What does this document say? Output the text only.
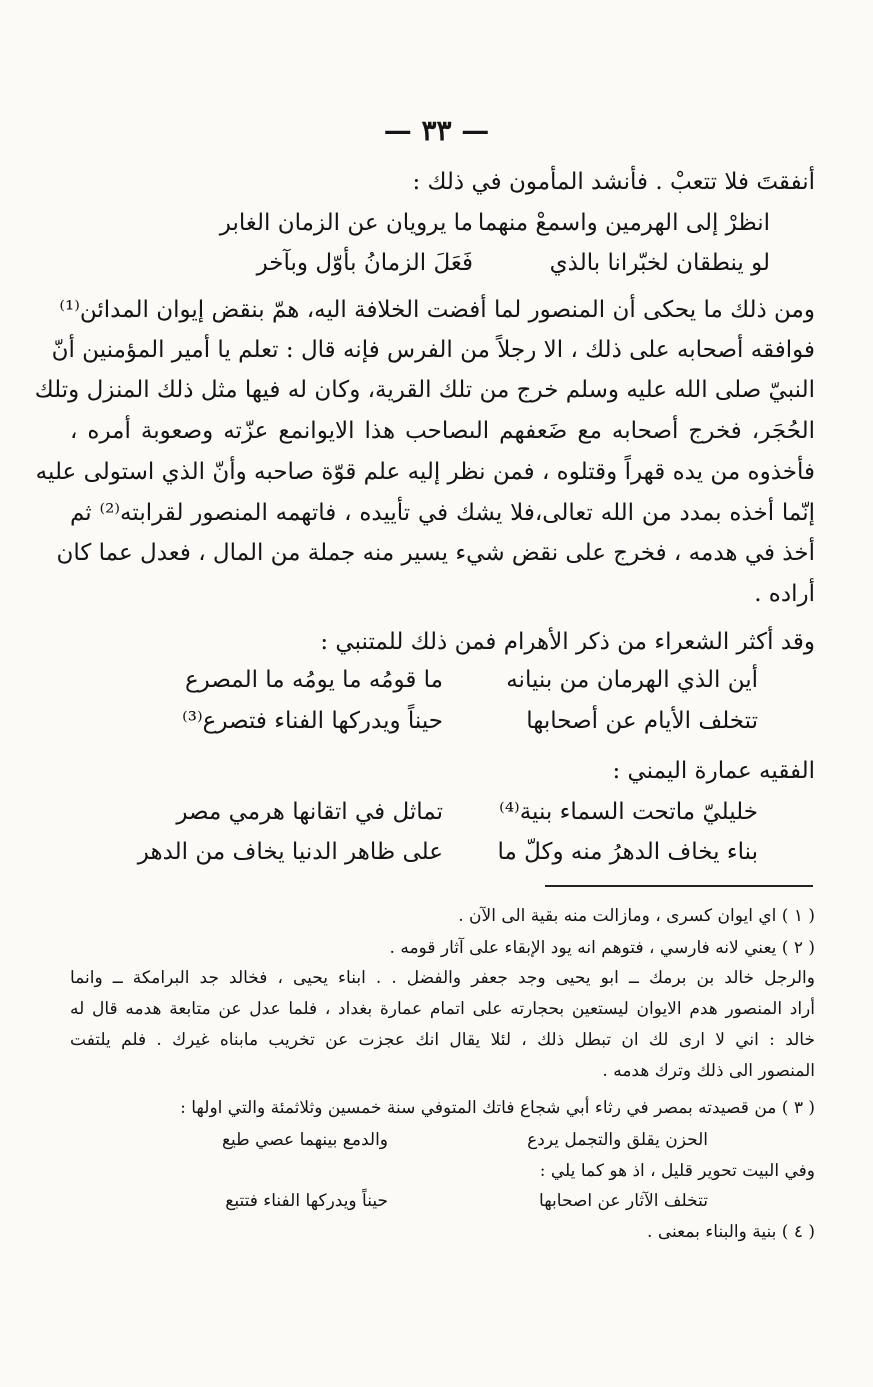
— ٣٣ —
أنفقتَ فلا تتعبْ . فأنشد المأمون في ذلك :
انظرْ إلى الهرمين واسمعْ منهما
ما يرويان عن الزمان الغابر
لو ينطقان لخبّرانا بالذي
فَعَلَ الزمانُ بأوّل وبآخر
ومن ذلك ما يحكى أن المنصور لما أفضت الخلافة اليه، همّ بنقض إيوان المدائن⁽¹⁾
فوافقه أصحابه على ذلك ، الا رجلاً من الفرس فإنه قال : تعلم يا أمير المؤمنين أنّ
النبيّ صلى الله عليه وسلم خرج من تلك القرية، وكان له فيها مثل ذلك المنزل وتلك
الحُجَر، فخرج أصحابه مع ضَعفهم الىصاحب هذا الايوانمع عزّته وصعوبة أمره ،
فأخذوه من يده قهراً وقتلوه ، فمن نظر إليه علم قوّة صاحبه وأنّ الذي استولى عليه
إنّما أخذه بمدد من الله تعالى،فلا يشك في تأييده ، فاتهمه المنصور لقرابته⁽²⁾ ثم
أخذ في هدمه ، فخرج على نقض شيء يسير منه جملة من المال ، فعدل عما كان
أراده .
وقد أكثر الشعراء من ذكر الأهرام فمن ذلك للمتنبي :
أين الذي الهرمان من بنيانه
ما قومُه ما يومُه ما المصرع
تتخلف الأيام عن أصحابها
حيناً ويدركها الفناء فتصرع⁽³⁾
الفقيه عمارة اليمني :
خليليّ ماتحت السماء بنية⁽⁴⁾
تماثل في اتقانها هرمي مصر
بناء يخاف الدهرُ منه وكلّ ما
على ظاهر الدنيا يخاف من الدهر
( ١ ) اي ايوان كسرى ، ومازالت منه بقية الى الآن .
( ٢ ) يعني لانه فارسي ، فتوهم انه يود الإبقاء على آثار قومه .
والرجل خالد بن برمك ــ ابو يحيى وجد جعفر والفضل . . ابناء يحيى ، فخالد جد البرامكة ــ وانما
أراد المنصور هدم الايوان ليستعين بحجارته على اتمام عمارة بغداد ، فلما عدل عن متابعة هدمه قال له
خالد : اني لا ارى لك ان تبطل ذلك ، لئلا يقال انك عجزت عن تخريب مابناه غيرك . فلم يلتفت
المنصور الى ذلك وترك هدمه .
( ٣ ) من قصيدته بمصر في رثاء أبي شجاع فاتك المتوفي سنة خمسين وثلاثمئة والتي اولها :
الحزن يقلق والتجمل يردع
والدمع بينهما عصي طيع
وفي البيت تحوير قليل ، اذ هو كما يلي :
تتخلف الآثار عن اصحابها
حيناً ويدركها الفناء فتتبع
( ٤ ) بنية والبناء بمعنى .
